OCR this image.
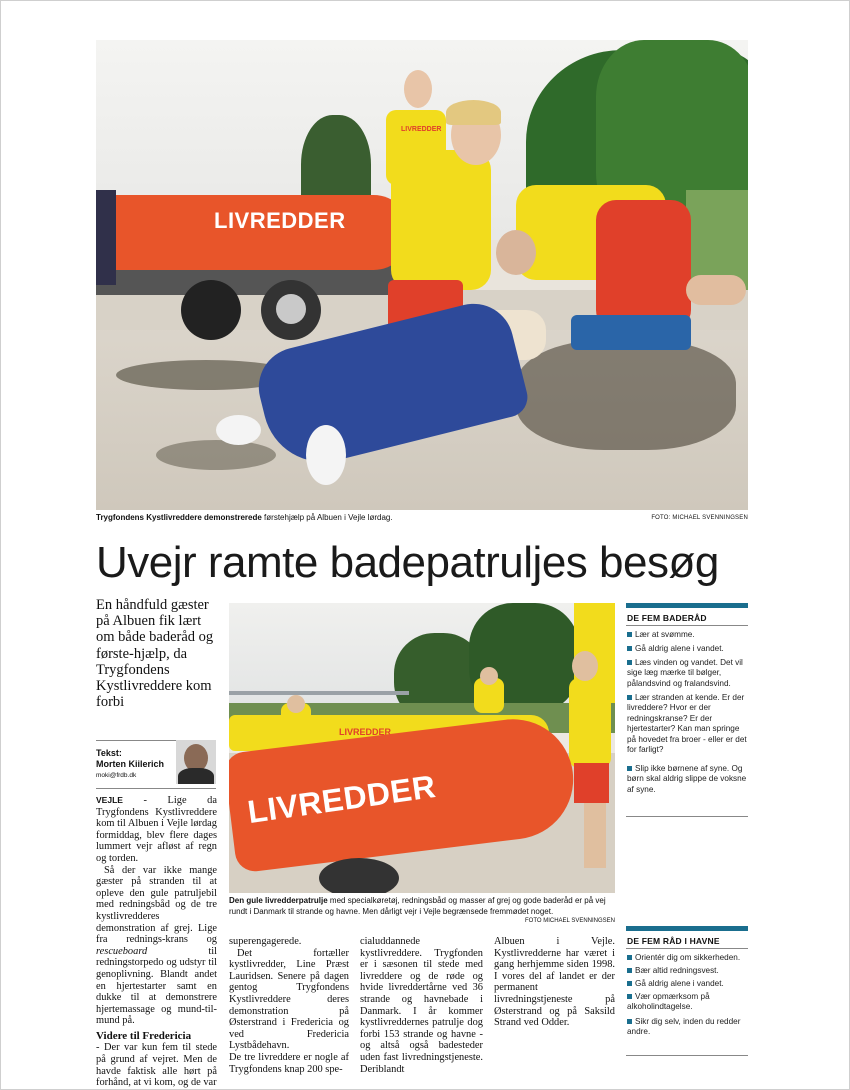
LIVREDDER
LIVREDDER
Trygfondens Kystlivreddere demonstrerede førstehjælp på Albuen i Vejle lørdag.	FOTO: MICHAEL SVENNINGSEN
Uvejr ramte badepatruljes besøg
En håndfuld gæster på Albuen fik lært om både baderåd og første-hjælp, da Trygfondens Kystlivreddere kom forbi
Tekst:
Morten Kiilerich
moki@frdb.dk

VEJLE - Lige da Trygfondens Kystlivreddere kom til Albuen i Vejle lørdag formiddag, blev flere dages lummert vejr afløst af regn og torden.

Så der var ikke mange gæster på stranden til at opleve den gule patruljebil med redningsbåd og de tre kystlivredderes demonstration af grej. Lige fra rednings-krans og rescueboard til redningstorpedo og udstyr til genoplivning. Blandt andet en hjertestarter samt en dukke til at demonstrere hjertemassage og mund-til-mund på.

Videre til Fredericia

- Der var kun fem til stede på grund af vejret. Men de havde faktisk alle hørt på forhånd, at vi kom, og de var

LIVREDDER
LIVREDDER
Den gule livredderpatrulje med specialkøretøj, redningsbåd og masser af grej og gode baderåd er på vej rundt i Danmark til strande og havne. Men dårligt vejr i Vejle begrænsede fremmødet noget.
FOTO MICHAEL SVENNINGSEN

superengagerede.

Det fortæller kystlivredder, Line Præst Lauridsen. Senere på dagen gentog Trygfondens Kystlivreddere deres demonstration på Østerstrand i Fredericia og ved Fredericia Lystbådehavn.

De tre livreddere er nogle af Trygfondens knap 200 spe-

cialuddannede kystlivreddere. Trygfonden er i sæsonen til stede med livreddere og de røde og hvide livreddertårne ved 36 strande og havnebade i Danmark. I år kommer kystlivreddernes patrulje dog forbi 153 strande og havne - og altså også badesteder uden fast livredningstjeneste. Deriblandt

Albuen i Vejle. Kystlivredderne har været i gang herhjemme siden 1998. I vores del af landet er der permanent livredningstjeneste på Østerstrand og på Saksild Strand ved Odder.

DE FEM BADERÅD
Lær at svømme.
Gå aldrig alene i vandet.
Læs vinden og vandet. Det vil sige læg mærke til bølger, pålandsvind og fralandsvind.
Lær stranden at kende. Er der livreddere? Hvor er der redningskranse? Er der hjertestarter? Kan man springe på hovedet fra broer - eller er det for farligt?
Slip ikke børnene af syne. Og børn skal aldrig slippe de voksne af syne.
DE FEM RÅD I HAVNE
Orientér dig om sikkerheden.
Bær altid redningsvest.
Gå aldrig alene i vandet.
Vær opmærksom på alkoholindtagelse.
Sikr dig selv, inden du redder andre.
